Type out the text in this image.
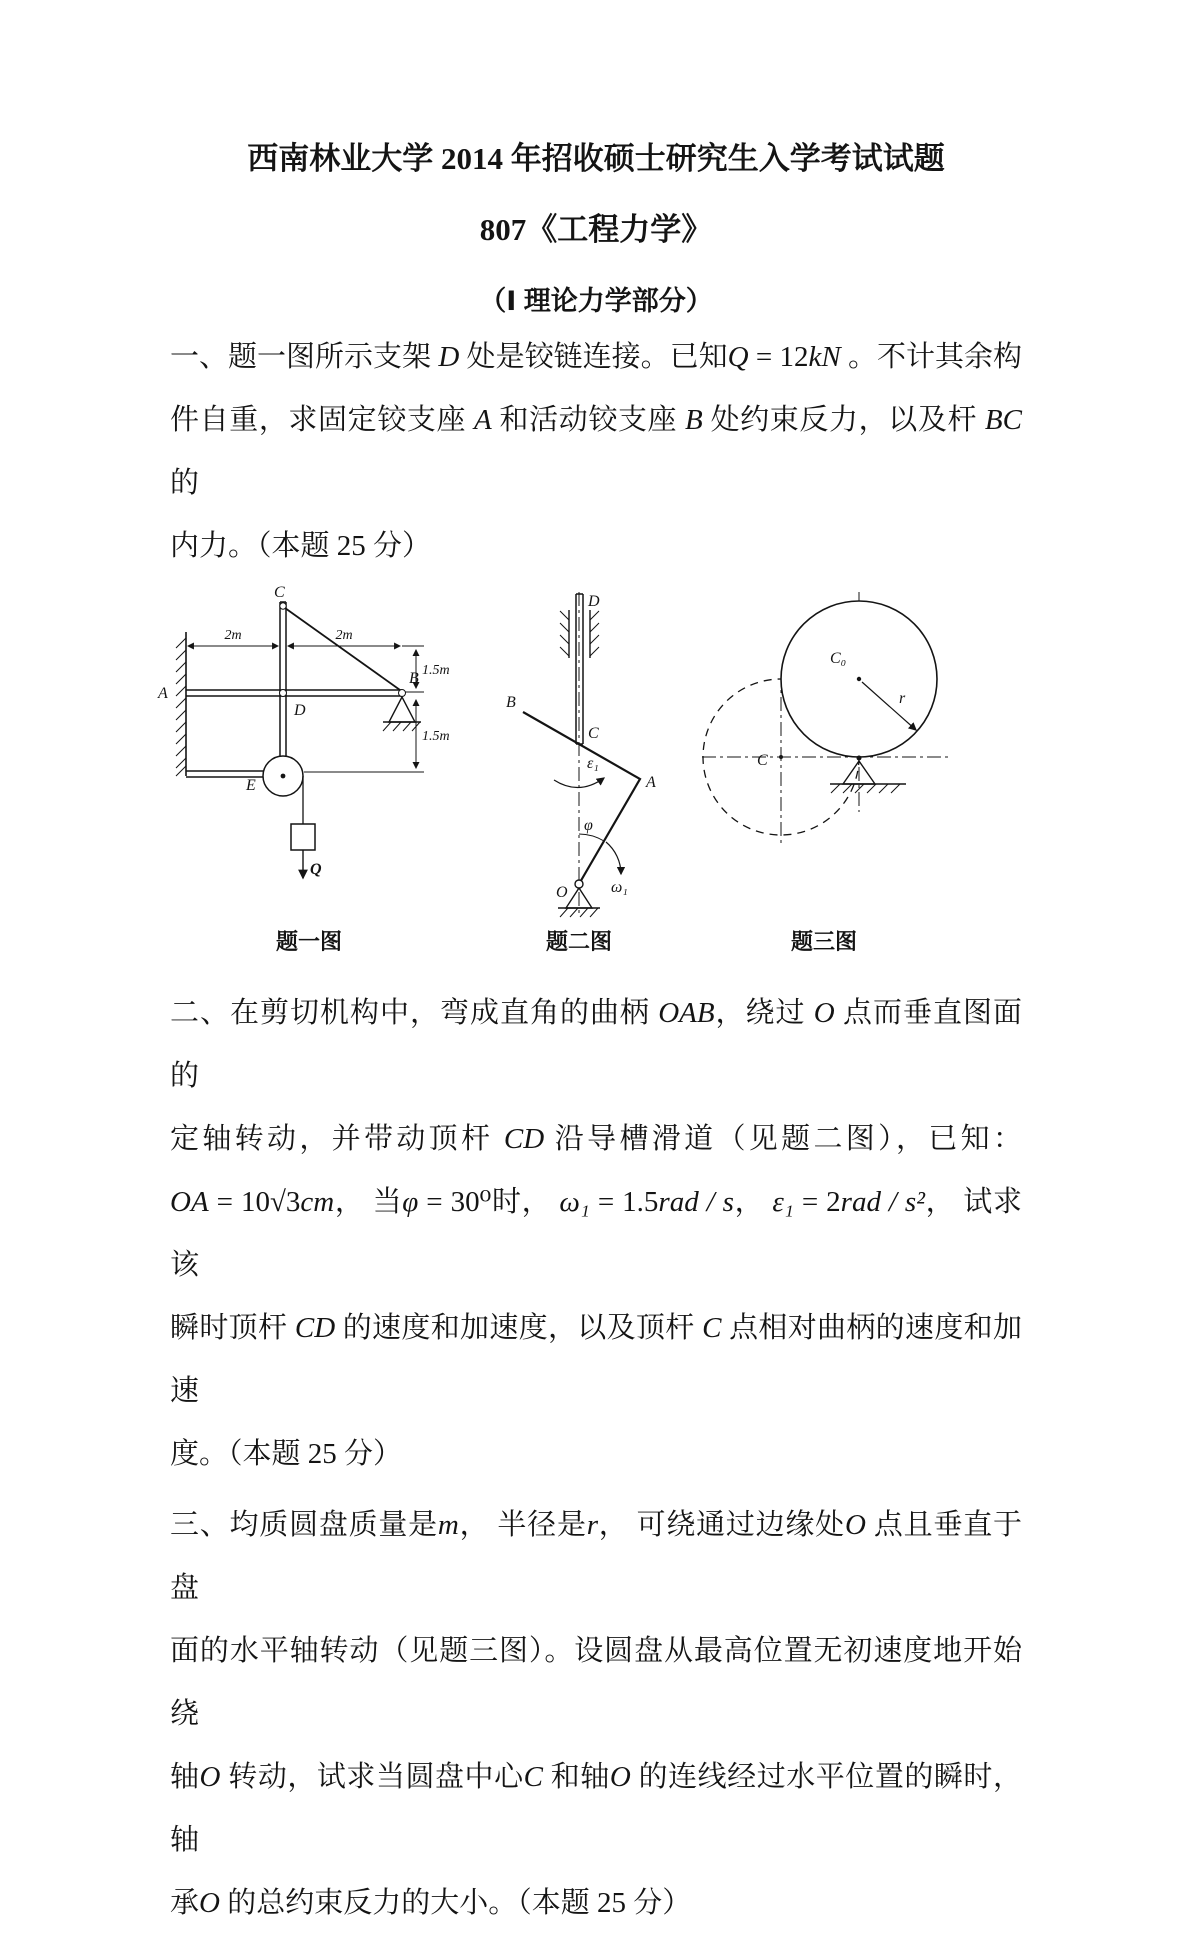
西南林业大学 2014 年招收硕士研究生入学考试试题
807《工程力学》
（Ⅰ 理论力学部分）
一、题一图所示支架 D 处是铰链连接。已知Q = 12kN 。不计其余构
件自重，求固定铰支座 A 和活动铰支座 B 处约束反力，以及杆 BC 的
内力。（本题 25 分）
2m	2m
1.5m
1.5m
A
C
D
B
E
Q
题一图
D
B
C
A
O
φ
ω₁
ε₁
题二图
C₀
r
C
题三图
二、在剪切机构中，弯成直角的曲柄 OAB，绕过 O 点而垂直图面的
定轴转动，并带动顶杆 CD 沿导槽滑道（见题二图），已知：
OA = 10√3cm， 当φ = 30⁰时， ω₁ = 1.5rad / s， ε₁ = 2rad / s²， 试求该
瞬时顶杆 CD 的速度和加速度，以及顶杆 C 点相对曲柄的速度和加速
度。（本题 25 分）
三、均质圆盘质量是m， 半径是r， 可绕通过边缘处O 点且垂直于盘
面的水平轴转动（见题三图）。设圆盘从最高位置无初速度地开始绕
轴O 转动，试求当圆盘中心C 和轴O 的连线经过水平位置的瞬时， 轴
承O 的总约束反力的大小。（本题 25 分）
